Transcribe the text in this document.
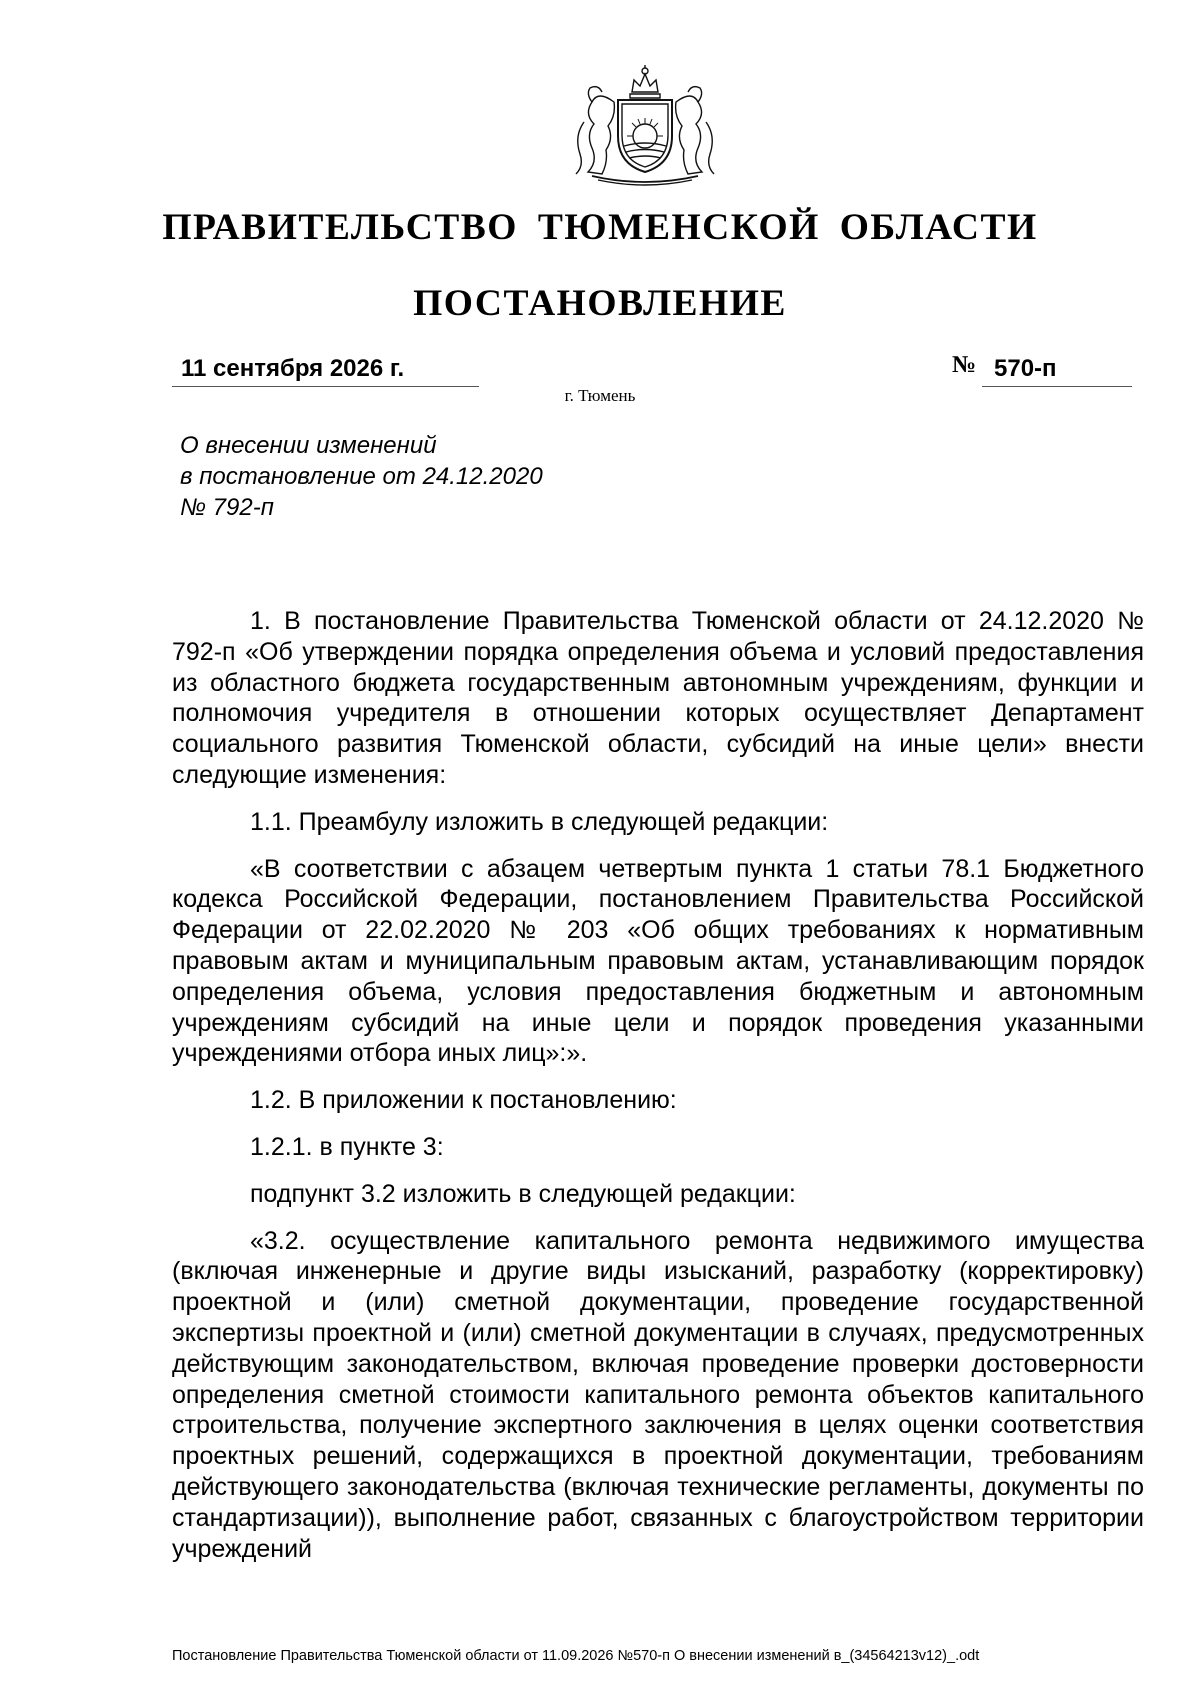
ПРАВИТЕЛЬСТВО ТЮМЕНСКОЙ ОБЛАСТИ
ПОСТАНОВЛЕНИЕ
11 сентября 2026 г.	№ 570-п
г. Тюмень
О внесении изменений
в постановление от 24.12.2020
№ 792-п

1. В постановление Правительства Тюменской области от 24.12.2020 № 792-п «Об утверждении порядка определения объема и условий предоставления из областного бюджета государственным автономным учреждениям, функции и полномочия учредителя в отношении которых осуществляет Департамент социального развития Тюменской области, субсидий на иные цели» внести следующие изменения:

1.1. Преамбулу изложить в следующей редакции:

«В соответствии с абзацем четвертым пункта 1 статьи 78.1 Бюджетного кодекса Российской Федерации, постановлением Правительства Российской Федерации от 22.02.2020 № 203 «Об общих требованиях к нормативным правовым актам и муниципальным правовым актам, устанавливающим порядок определения объема, условия предоставления бюджетным и автономным учреждениям субсидий на иные цели и порядок проведения указанными учреждениями отбора иных лиц»:».

1.2. В приложении к постановлению:

1.2.1. в пункте 3:

подпункт 3.2 изложить в следующей редакции:

«3.2. осуществление капитального ремонта недвижимого имущества (включая инженерные и другие виды изысканий, разработку (корректировку) проектной и (или) сметной документации, проведение государственной экспертизы проектной и (или) сметной документации в случаях, предусмотренных действующим законодательством, включая проведение проверки достоверности определения сметной стоимости капитального ремонта объектов капитального строительства, получение экспертного заключения в целях оценки соответствия проектных решений, содержащихся в проектной документации, требованиям действующего законодательства (включая технические регламенты, документы по стандартизации)), выполнение работ, связанных с благоустройством территории учреждений

Постановление Правительства Тюменской области от 11.09.2026 №570-п О внесении изменений в_(34564213v12)_.odt
